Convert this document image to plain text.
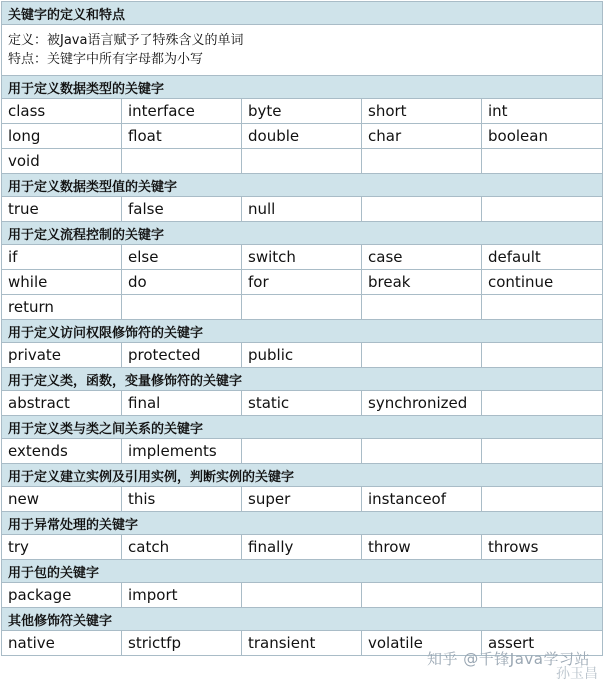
关键字的定义和特点				

定义：被Java语言赋予了特殊含义的单词
特点：关键字中所有字母都为小写				

用于定义数据类型的关键字				
class	interface	byte	short	int
long	float	double	char	boolean
void				
用于定义数据类型值的关键字				
true	false	null		
用于定义流程控制的关键字				
if	else	switch	case	default
while	do	for	break	continue
return				
用于定义访问权限修饰符的关键字				
private	protected	public		
用于定义类，函数，变量修饰符的关键字				
abstract	final	static	synchronized	
用于定义类与类之间关系的关键字				
extends	implements			
用于定义建立实例及引用实例，判断实例的关键字				
new	this	super	instanceof	
用于异常处理的关键字				
try	catch	finally	throw	throws
用于包的关键字				
package	import			
其他修饰符关键字				
native	strictfp	transient	volatile	assert
知乎 @千锋Java学习站
孙玉昌
